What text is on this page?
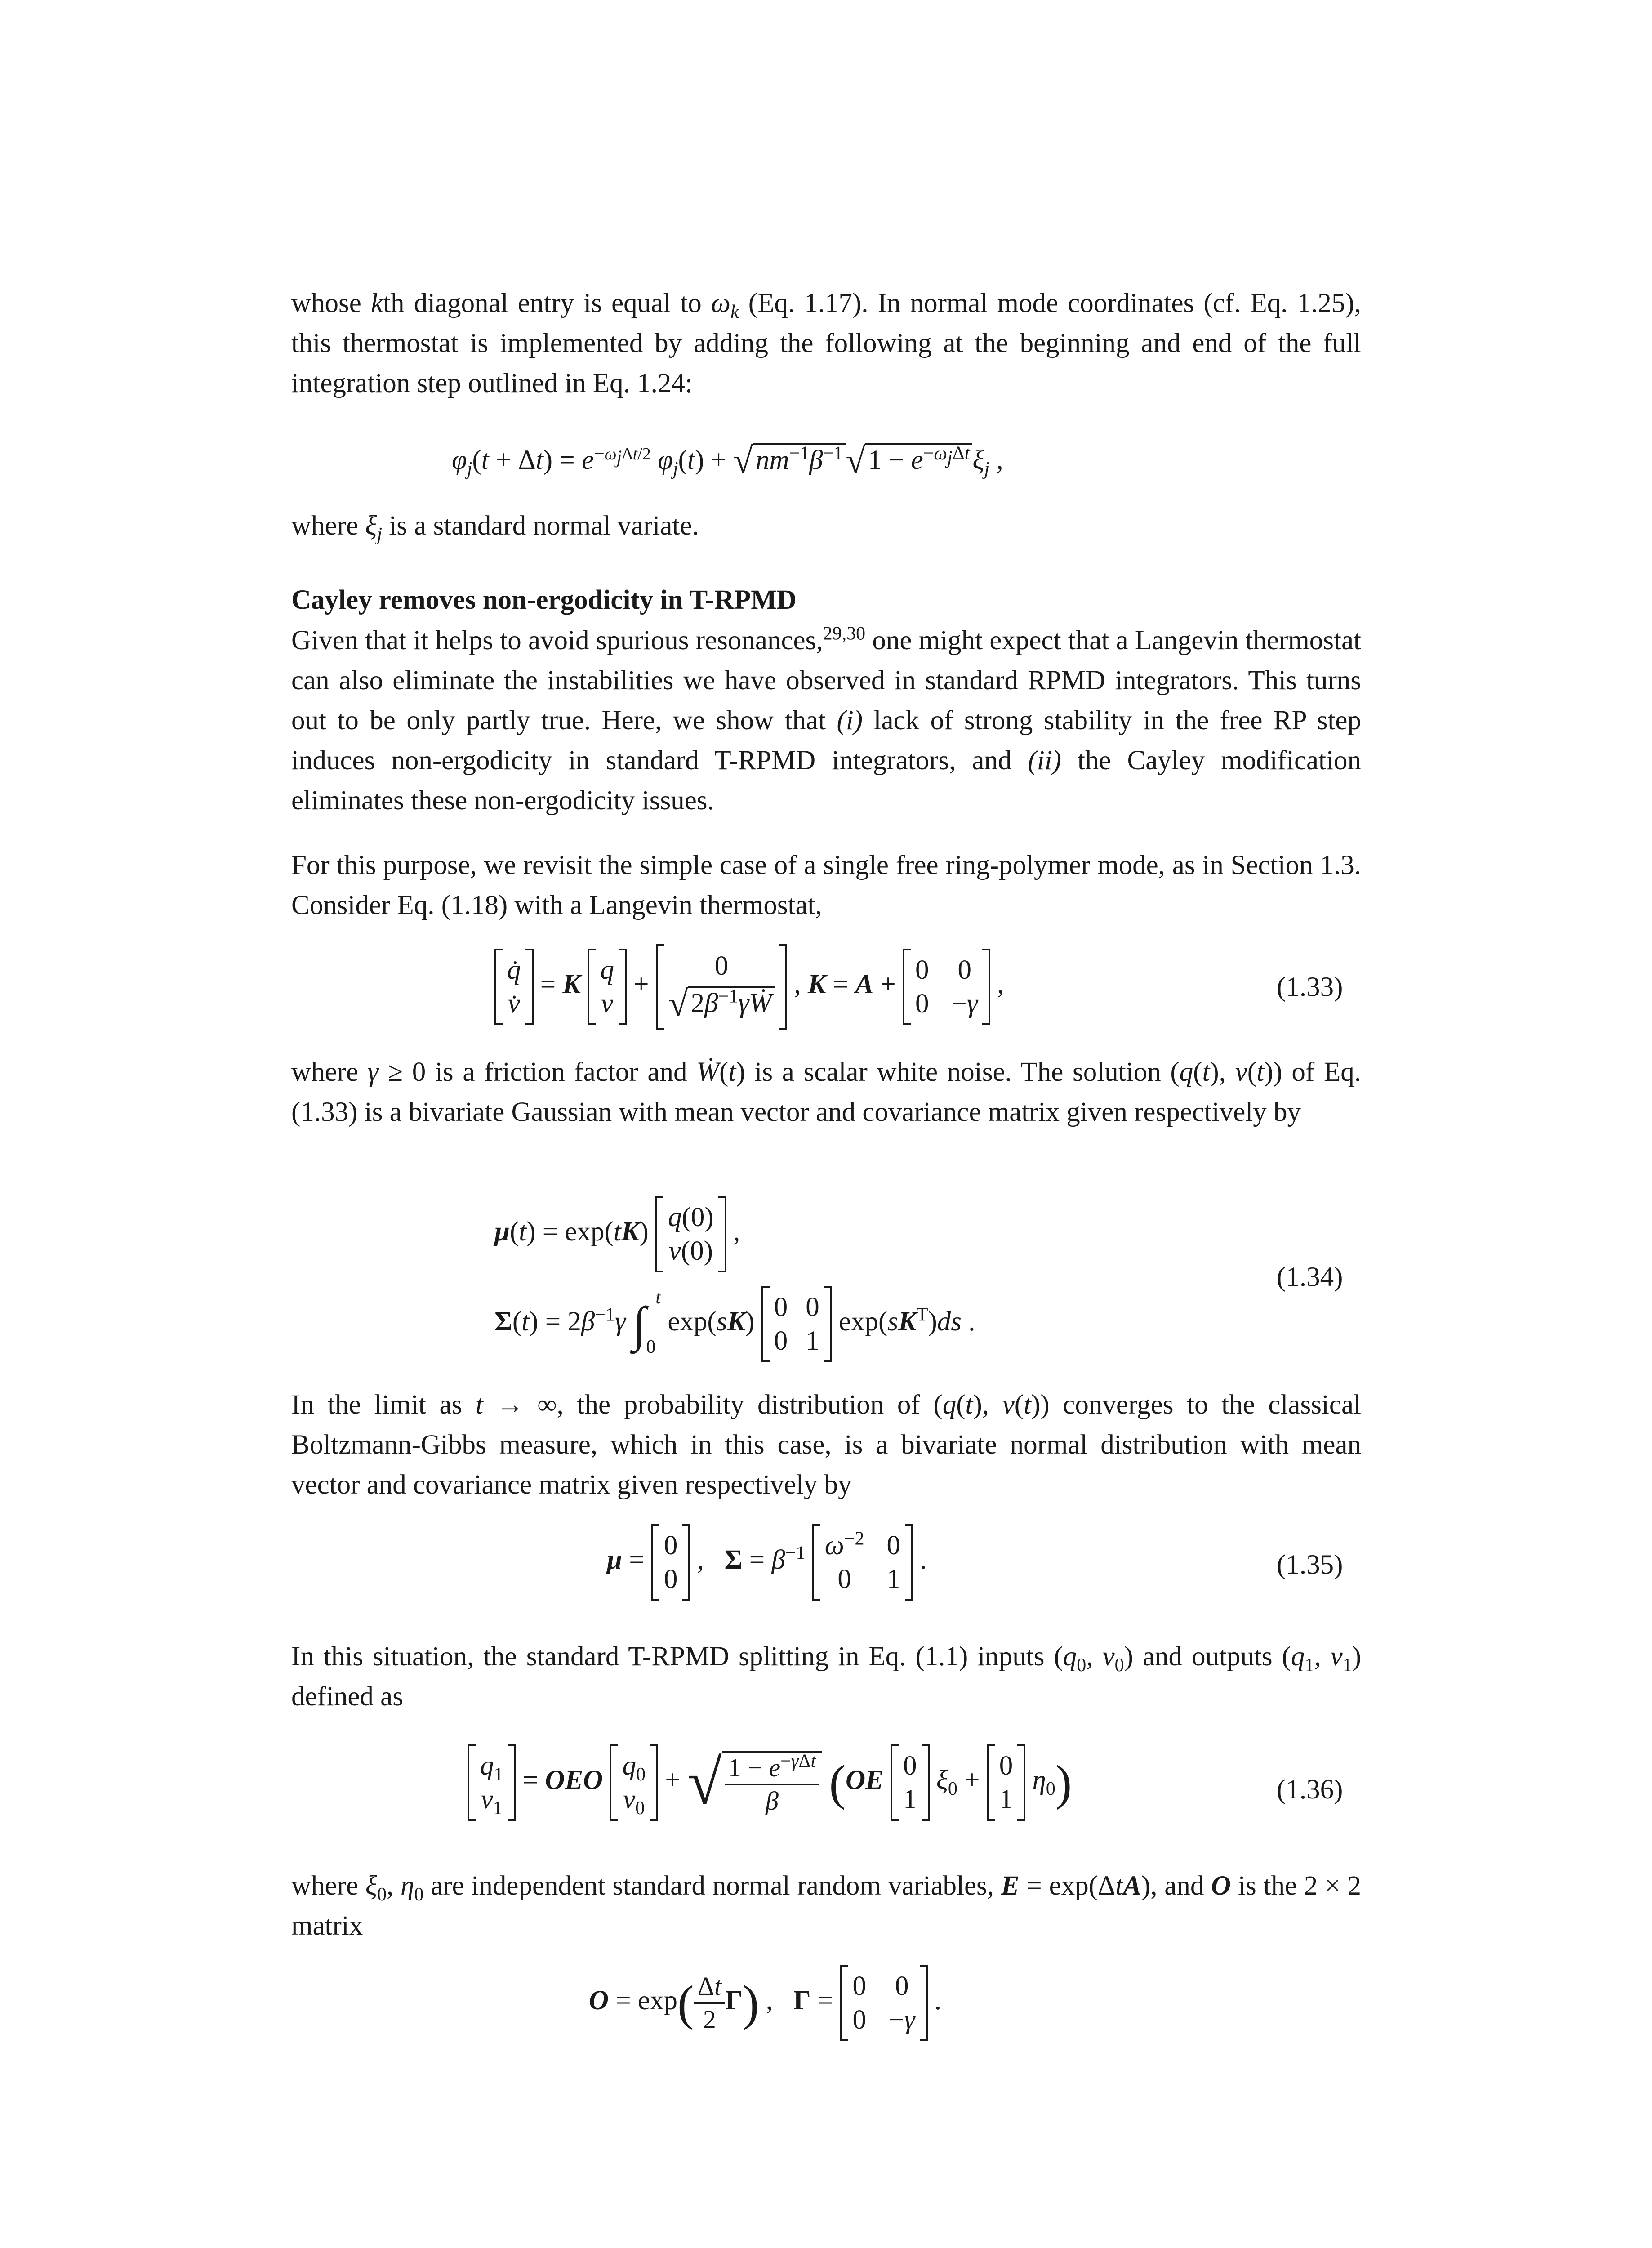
whose kth diagonal entry is equal to $\omega_k$ (Eq. 1.17). In normal mode coordinates (cf. Eq. 1.25), this thermostat is implemented by adding the following at the beginning and end of the full integration step outlined in Eq. 1.24:
$\varphi_j(t + \Delta t) = e^{-\omega_j\Delta t/2}$ $\varphi_j(t) + √nm^{-1}\beta^{-1}√1 - e^{-\omega_j\Delta t}\xi_j$ ,
where $\xi_j$ is a standard normal variate.
Cayley removes non-ergodicity in T-RPMD
Given that it helps to avoid spurious resonances,$^{29,30}$ one might expect that a Langevin thermostat can also eliminate the instabilities we have observed in standard RPMD integrators. This turns out to be only partly true. Here, we show that (i) lack of strong stability in the free RP step induces non-ergodicity in standard T-RPMD integrators, and (ii) the Cayley modification eliminates these non-ergodicity issues.
For this purpose, we revisit the simple case of a single free ring-polymer mode, as in Section 1.3. Consider Eq. (1.18) with a Langevin thermostat,
q̇
v̇
= K q
v
+
0
$√2\beta^{-1}\gamma Ẇ$
, K = A + 0 0
0 −γ
,	(1.33)
where γ ≥ 0 is a friction factor and Ẇ(t) is a scalar white noise. The solution (q(t), v(t)) of Eq. (1.33) is a bivariate Gaussian with mean vector and covariance matrix given respectively by
μ(t) = exp(tK) q(0)
v(0)
,
$\Sigma(t) = 2\beta^{-1}\gamma$ $\int_0^t$ exp(sK) 0 0
0 1
$\exp(sK^T)ds$ .
(1.34)
In the limit as t → ∞, the probability distribution of (q(t), v(t)) converges to the classical Boltzmann-Gibbs measure, which in this case, is a bivariate normal distribution with mean vector and covariance matrix given respectively by
μ = 0
0
,   $\Sigma = \beta^{-1}$ $\omega^{-2}$ 0
0	1
.	(1.35)
In this situation, the standard T-RPMD splitting in Eq. (1.1) inputs ($q_0$, $v_0$) and outputs ($q_1$, $v_1$) defined as
$q_1$
$v_1$
= OEO $q_0$
$v_0$
+ √ $\frac{1 - e^{-\gamma\Delta t}}{\beta} (OE$ 0
1
$\xi_0 + 0$
1
$\eta_0$)	(1.36)
where $\xi_0$, $\eta_0$ are independent standard normal random variables, E = exp(ΔtA), and O is the 2 × 2 matrix
$O = \exp( \frac{\Delta t}{2} \Gamma)$ ,   Γ = 0 0
0 −γ
.
